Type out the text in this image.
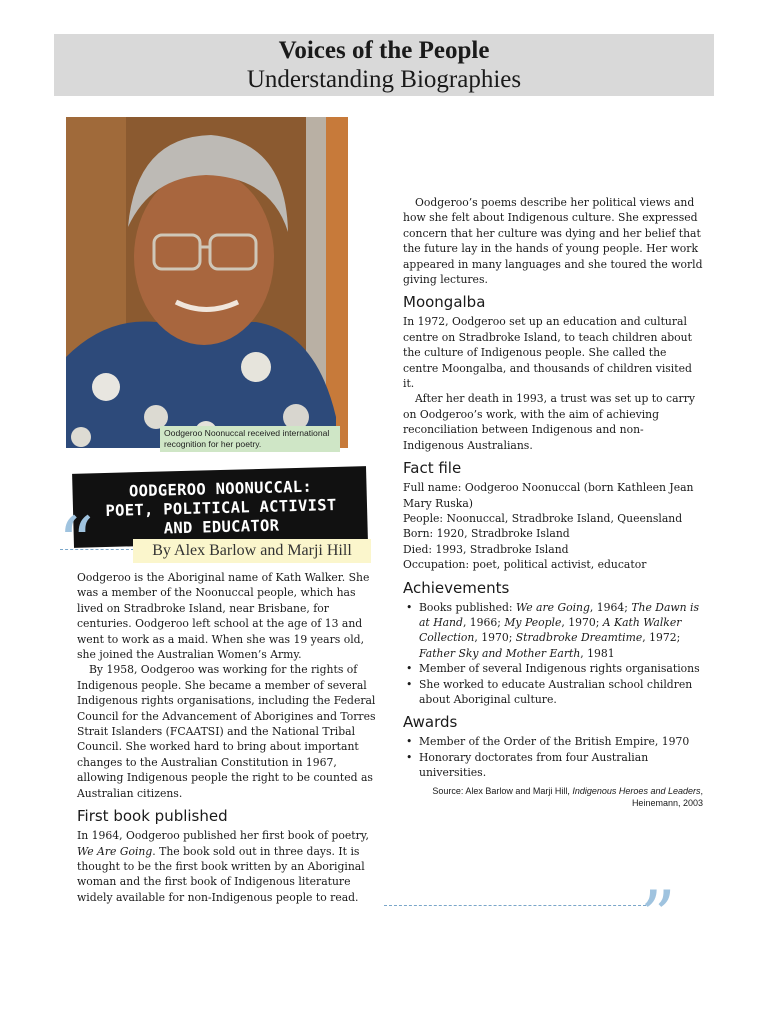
Voices of the People
Understanding Biographies
Oodgeroo Noonuccal received international recognition for her poetry.
OODGEROO NOONUCCAL:
POET, POLITICAL ACTIVIST
AND EDUCATOR
“	By Alex Barlow and Marji Hill

Oodgeroo is the Aboriginal name of Kath Walker. She was a member of the Noonuccal people, which has lived on Stradbroke Island, near Brisbane, for centuries. Oodgeroo left school at the age of 13 and went to work as a maid. When she was 19 years old, she joined the Australian Women’s Army.

By 1958, Oodgeroo was working for the rights of Indigenous people. She became a member of several Indigenous rights organisations, including the Federal Council for the Advancement of Aborigines and Torres Strait Islanders (FCAATSI) and the National Tribal Council. She worked hard to bring about important changes to the Australian Constitution in 1967, allowing Indigenous people the right to be counted as Australian citizens.

First book published

In 1964, Oodgeroo published her first book of poetry, We Are Going. The book sold out in three days. It is thought to be the first book written by an Aboriginal woman and the first book of Indigenous literature widely available for non-Indigenous people to read.

Oodgeroo’s poems describe her political views and how she felt about Indigenous culture. She expressed concern that her culture was dying and her belief that the future lay in the hands of young people. Her work appeared in many languages and she toured the world giving lectures.

Moongalba

In 1972, Oodgeroo set up an education and cultural centre on Stradbroke Island, to teach children about the culture of Indigenous people. She called the centre Moongalba, and thousands of children visited it.

After her death in 1993, a trust was set up to carry on Oodgeroo’s work, with the aim of achieving reconciliation between Indigenous and non-Indigenous Australians.

Fact file

Full name: Oodgeroo Noonuccal (born Kathleen Jean Mary Ruska)

People: Noonuccal, Stradbroke Island, Queensland

Born: 1920, Stradbroke Island

Died: 1993, Stradbroke Island

Occupation: poet, political activist, educator

Achievements
• Books published: We are Going, 1964; The Dawn is at Hand, 1966; My People, 1970; A Kath Walker Collection, 1970; Stradbroke Dreamtime, 1972; Father Sky and Mother Earth, 1981
• Member of several Indigenous rights organisations
• She worked to educate Australian school children about Aboriginal culture.
Awards
• Member of the Order of the British Empire, 1970
• Honorary doctorates from four Australian universities.
Source: Alex Barlow and Marji Hill, Indigenous Heroes and Leaders, Heinemann, 2003
”
